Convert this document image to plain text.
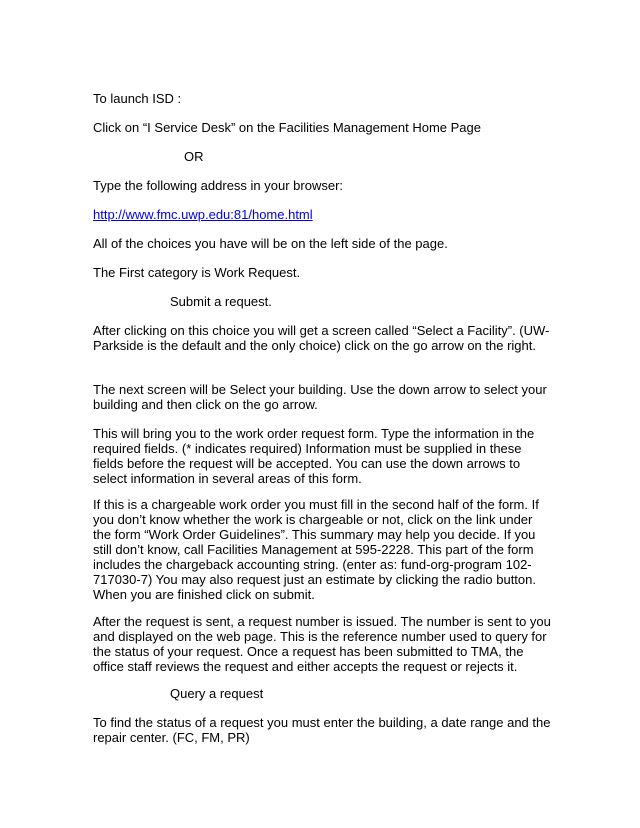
To launch ISD :

Click on “I Service Desk” on the Facilities Management Home Page

OR

Type the following address in your browser:

http://www.fmc.uwp.edu:81/home.html

All of the choices you have will be on the left side of the page.

The First category is Work Request.

Submit a request.

After clicking on this choice you will get a screen called “Select a Facility”. (UW-Parkside is the default and the only choice) click on the go arrow on the right.

The next screen will be Select your building. Use the down arrow to select your building and then click on the go arrow.

This will bring you to the work order request form. Type the information in the required fields. (* indicates required) Information must be supplied in these fields before the request will be accepted. You can use the down arrows to select information in several areas of this form.

If this is a chargeable work order you must fill in the second half of the form. If you don’t know whether the work is chargeable or not, click on the link under the form “Work Order Guidelines”. This summary may help you decide. If you still don’t know, call Facilities Management at 595-2228. This part of the form includes the chargeback accounting string. (enter as: fund-org-program 102-717030-7) You may also request just an estimate by clicking the radio button. When you are finished click on submit.

After the request is sent, a request number is issued. The number is sent to you and displayed on the web page. This is the reference number used to query for the status of your request. Once a request has been submitted to TMA, the office staff reviews the request and either accepts the request or rejects it.

Query a request

To find the status of a request you must enter the building, a date range and the repair center. (FC, FM, PR)
